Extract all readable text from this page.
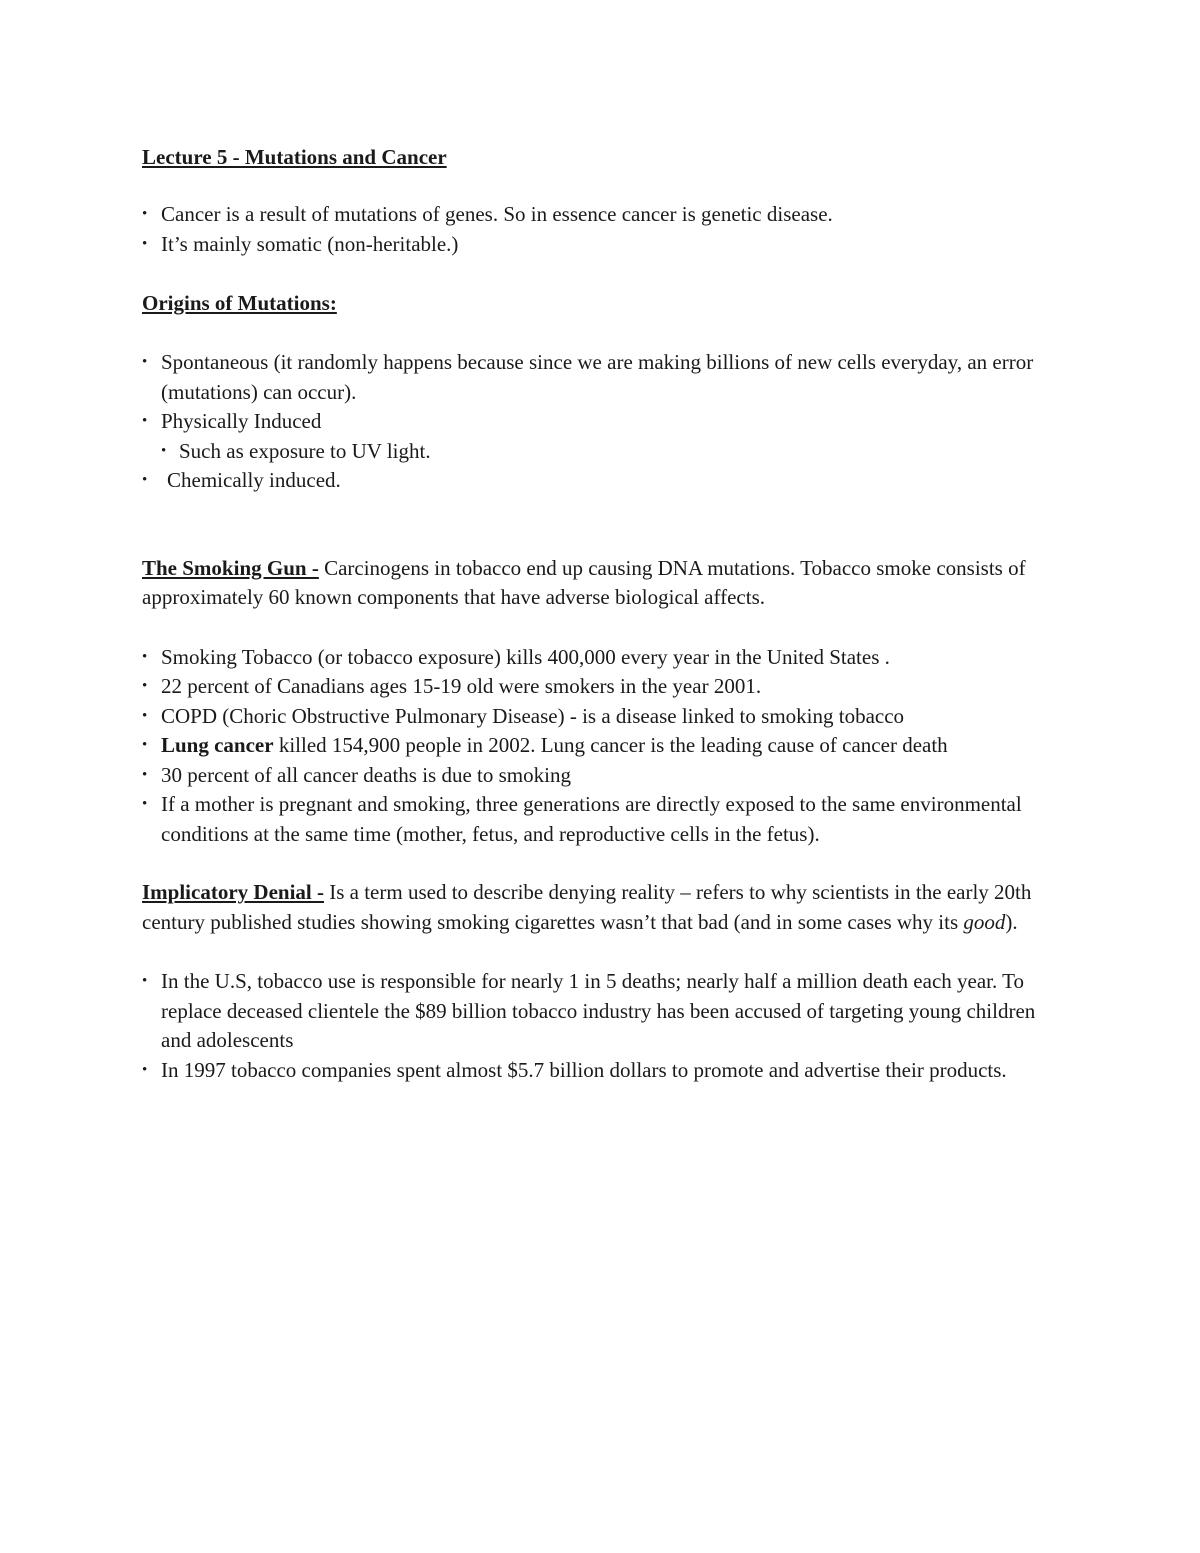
Lecture 5 - Mutations and Cancer
• Cancer is a result of mutations of genes. So in essence cancer is genetic disease.
• It’s mainly somatic (non-heritable.)
Origins of Mutations:
• Spontaneous (it randomly happens because since we are making billions of new cells everyday, an error (mutations) can occur).
• Physically Induced
• Such as exposure to UV light.
• Chemically induced.
The Smoking Gun - Carcinogens in tobacco end up causing DNA mutations. Tobacco smoke consists of approximately 60 known components that have adverse biological affects.
• Smoking Tobacco (or tobacco exposure) kills 400,000 every year in the United States .
• 22 percent of Canadians ages 15-19 old were smokers in the year 2001.
• COPD (Choric Obstructive Pulmonary Disease) - is a disease linked to smoking tobacco
• Lung cancer killed 154,900 people in 2002. Lung cancer is the leading cause of cancer death
• 30 percent of all cancer deaths is due to smoking
• If a mother is pregnant and smoking, three generations are directly exposed to the same environmental conditions at the same time (mother, fetus, and reproductive cells in the fetus).
Implicatory Denial - Is a term used to describe denying reality – refers to why scientists in the early 20th century published studies showing smoking cigarettes wasn’t that bad (and in some cases why its good).
• In the U.S, tobacco use is responsible for nearly 1 in 5 deaths; nearly half a million death each year. To replace deceased clientele the $89 billion tobacco industry has been accused of targeting young children and adolescents
• In 1997 tobacco companies spent almost $5.7 billion dollars to promote and advertise their products.
